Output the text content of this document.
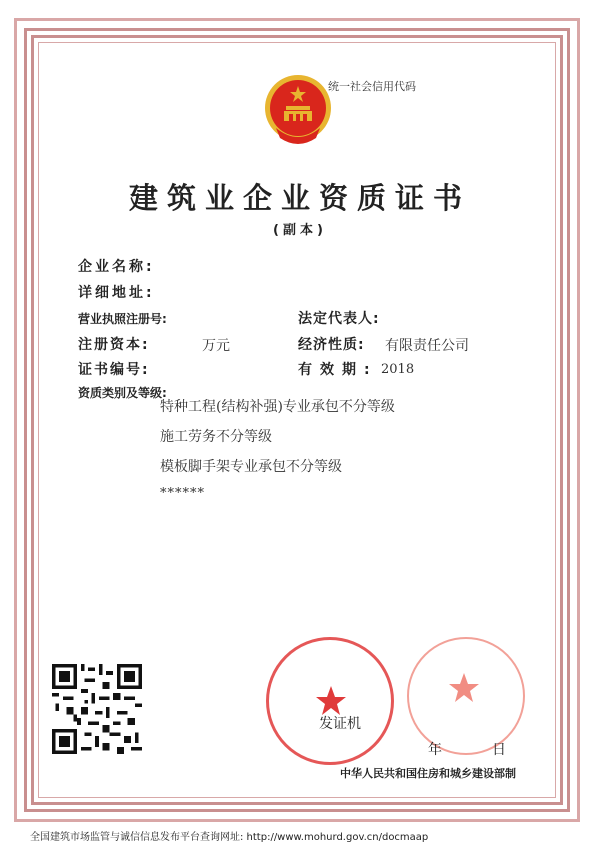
统一社会信用代码
建筑业企业资质证书
(副本)
企业名称:
详细地址:
营业执照注册号:	法定代表人:
注册资本:	万元	经济性质: 有限责任公司
证书编号:	有效期: 2018
资质类别及等级:
特种工程(结构补强)专业承包不分等级
施工劳务不分等级
模板脚手架专业承包不分等级
******
发证机
年	日
中华人民共和国住房和城乡建设部制
全国建筑市场监管与诚信信息发布平台查询网址: http://www.mohurd.gov.cn/docmaap
